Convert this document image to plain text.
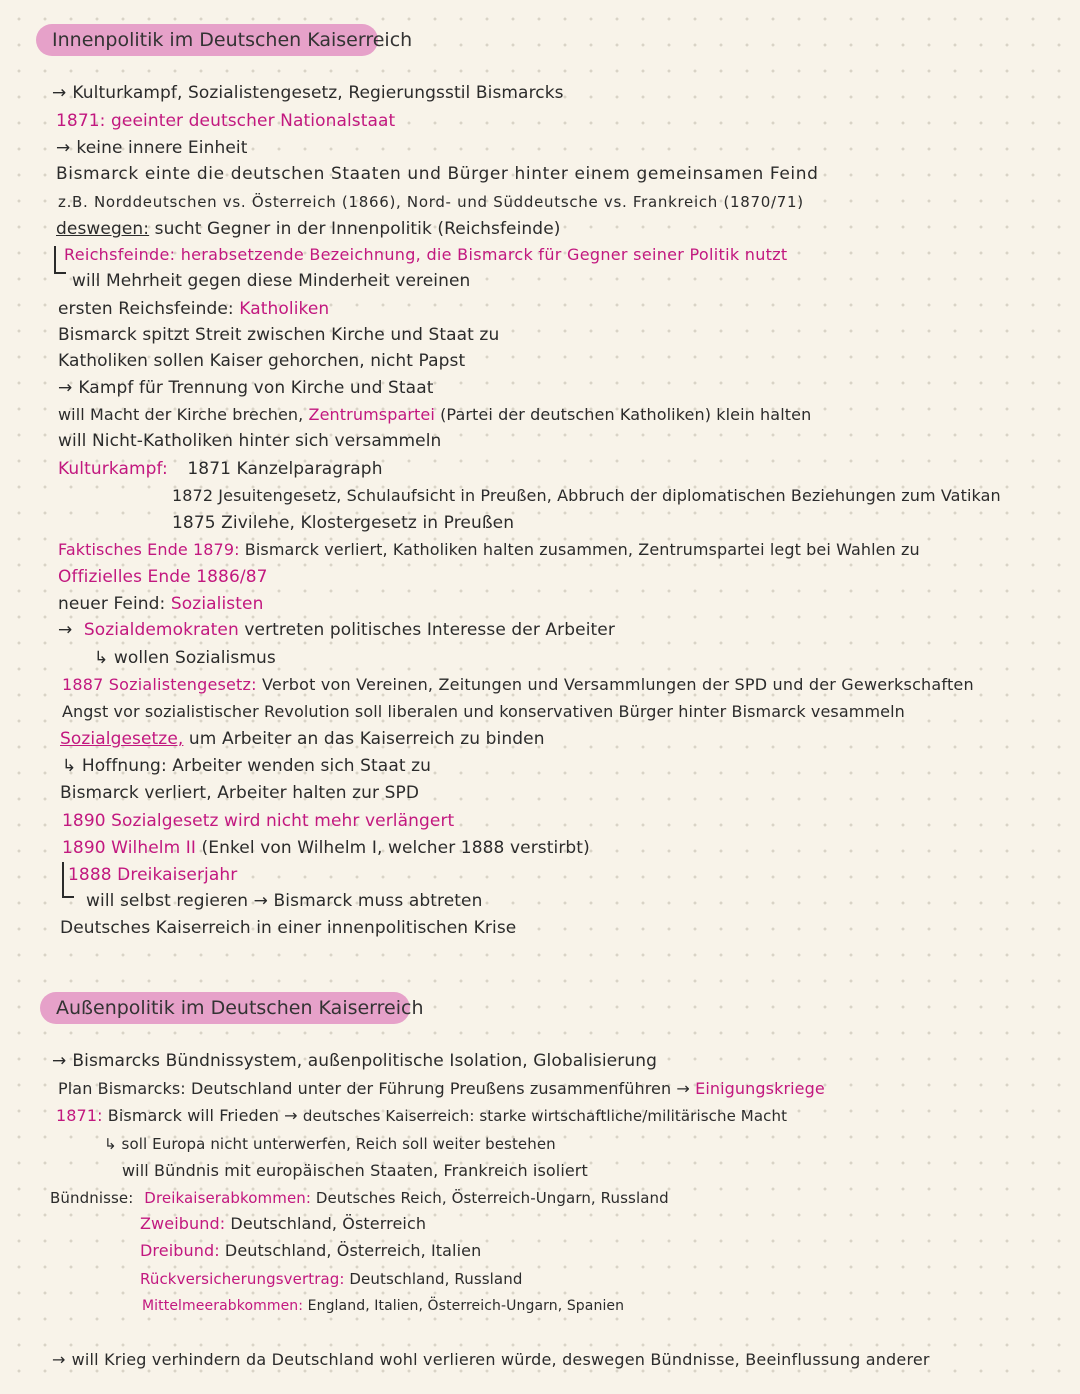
Innenpolitik im Deutschen Kaiserreich
→ Kulturkampf, Sozialistengesetz, Regierungsstil Bismarcks
1871: geeinter deutscher Nationalstaat
→ keine innere Einheit
Bismarck einte die deutschen Staaten und Bürger hinter einem gemeinsamen Feind
z.B. Norddeutschen vs. Österreich (1866), Nord- und Süddeutsche vs. Frankreich (1870/71)
deswegen: sucht Gegner in der Innenpolitik (Reichsfeinde)
Reichsfeinde: herabsetzende Bezeichnung, die Bismarck für Gegner seiner Politik nutzt
will Mehrheit gegen diese Minderheit vereinen
ersten Reichsfeinde: Katholiken
Bismarck spitzt Streit zwischen Kirche und Staat zu
Katholiken sollen Kaiser gehorchen, nicht Papst
→ Kampf für Trennung von Kirche und Staat
will Macht der Kirche brechen, Zentrumspartei (Partei der deutschen Katholiken) klein halten
will Nicht-Katholiken hinter sich versammeln
Kulturkampf: 1871 Kanzelparagraph
1872 Jesuitengesetz, Schulaufsicht in Preußen, Abbruch der diplomatischen Beziehungen zum Vatikan
1875 Zivilehe, Klostergesetz in Preußen
Faktisches Ende 1879: Bismarck verliert, Katholiken halten zusammen, Zentrumspartei legt bei Wahlen zu
Offizielles Ende 1886/87
neuer Feind: Sozialisten
→ Sozialdemokraten vertreten politisches Interesse der Arbeiter
↳ wollen Sozialismus
1887 Sozialistengesetz: Verbot von Vereinen, Zeitungen und Versammlungen der SPD und der Gewerkschaften
Angst vor sozialistischer Revolution soll liberalen und konservativen Bürger hinter Bismarck vesammeln
Sozialgesetze, um Arbeiter an das Kaiserreich zu binden
↳ Hoffnung: Arbeiter wenden sich Staat zu
Bismarck verliert, Arbeiter halten zur SPD
1890 Sozialgesetz wird nicht mehr verlängert
1890 Wilhelm II (Enkel von Wilhelm I, welcher 1888 verstirbt)
1888 Dreikaiserjahr
will selbst regieren → Bismarck muss abtreten
Deutsches Kaiserreich in einer innenpolitischen Krise
Außenpolitik im Deutschen Kaiserreich
→ Bismarcks Bündnissystem, außenpolitische Isolation, Globalisierung
Plan Bismarcks: Deutschland unter der Führung Preußens zusammenführen → Einigungskriege
1871: Bismarck will Frieden → deutsches Kaiserreich: starke wirtschaftliche/militärische Macht
↳ soll Europa nicht unterwerfen, Reich soll weiter bestehen
will Bündnis mit europäischen Staaten, Frankreich isoliert
Bündnisse: Dreikaiserabkommen: Deutsches Reich, Österreich-Ungarn, Russland
Zweibund: Deutschland, Österreich
Dreibund: Deutschland, Österreich, Italien
Rückversicherungsvertrag: Deutschland, Russland
Mittelmeerabkommen: England, Italien, Österreich-Ungarn, Spanien
→ will Krieg verhindern da Deutschland wohl verlieren würde, deswegen Bündnisse, Beeinflussung anderer
